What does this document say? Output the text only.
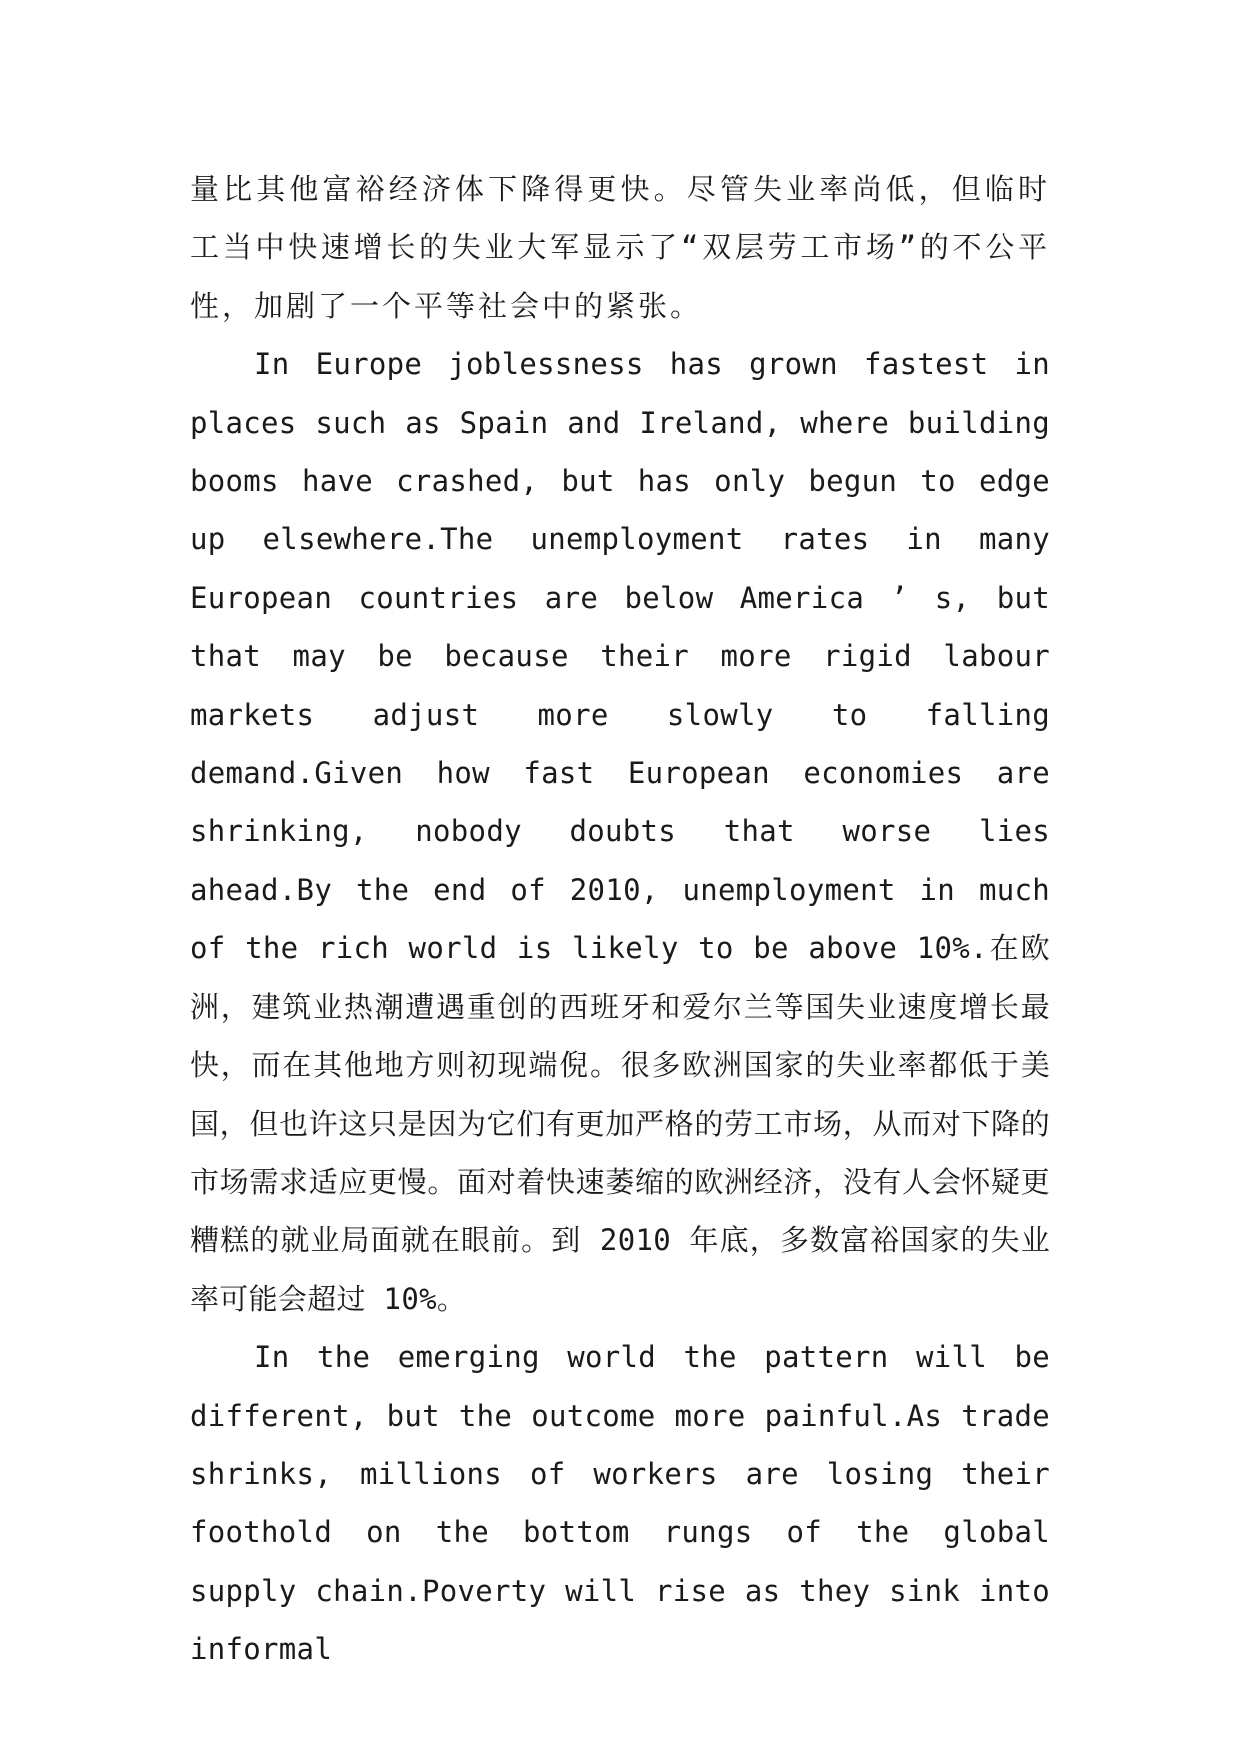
量比其他富裕经济体下降得更快。尽管失业率尚低，但临时工当中快速增长的失业大军显示了“双层劳工市场”的不公平性，加剧了一个平等社会中的紧张。

In Europe joblessness has grown fastest in places such as Spain and Ireland, where building booms have crashed, but has only begun to edge up elsewhere.The unemployment rates in many European countries are below America ’ s, but that may be because their more rigid labour markets adjust more slowly to falling demand.Given how fast European economies are shrinking, nobody doubts that worse lies ahead.By the end of 2010, unemployment in much of the rich world is likely to be above 10%.在欧洲，建筑业热潮遭遇重创的西班牙和爱尔兰等国失业速度增长最快，而在其他地方则初现端倪。很多欧洲国家的失业率都低于美国，但也许这只是因为它们有更加严格的劳工市场，从而对下降的市场需求适应更慢。面对着快速萎缩的欧洲经济，没有人会怀疑更糟糕的就业局面就在眼前。到 2010 年底，多数富裕国家的失业率可能会超过 10%。

In the emerging world the pattern will be different, but the outcome more painful.As trade shrinks, millions of workers are losing their foothold on the bottom rungs of the global supply chain.Poverty will rise as they sink into informal
